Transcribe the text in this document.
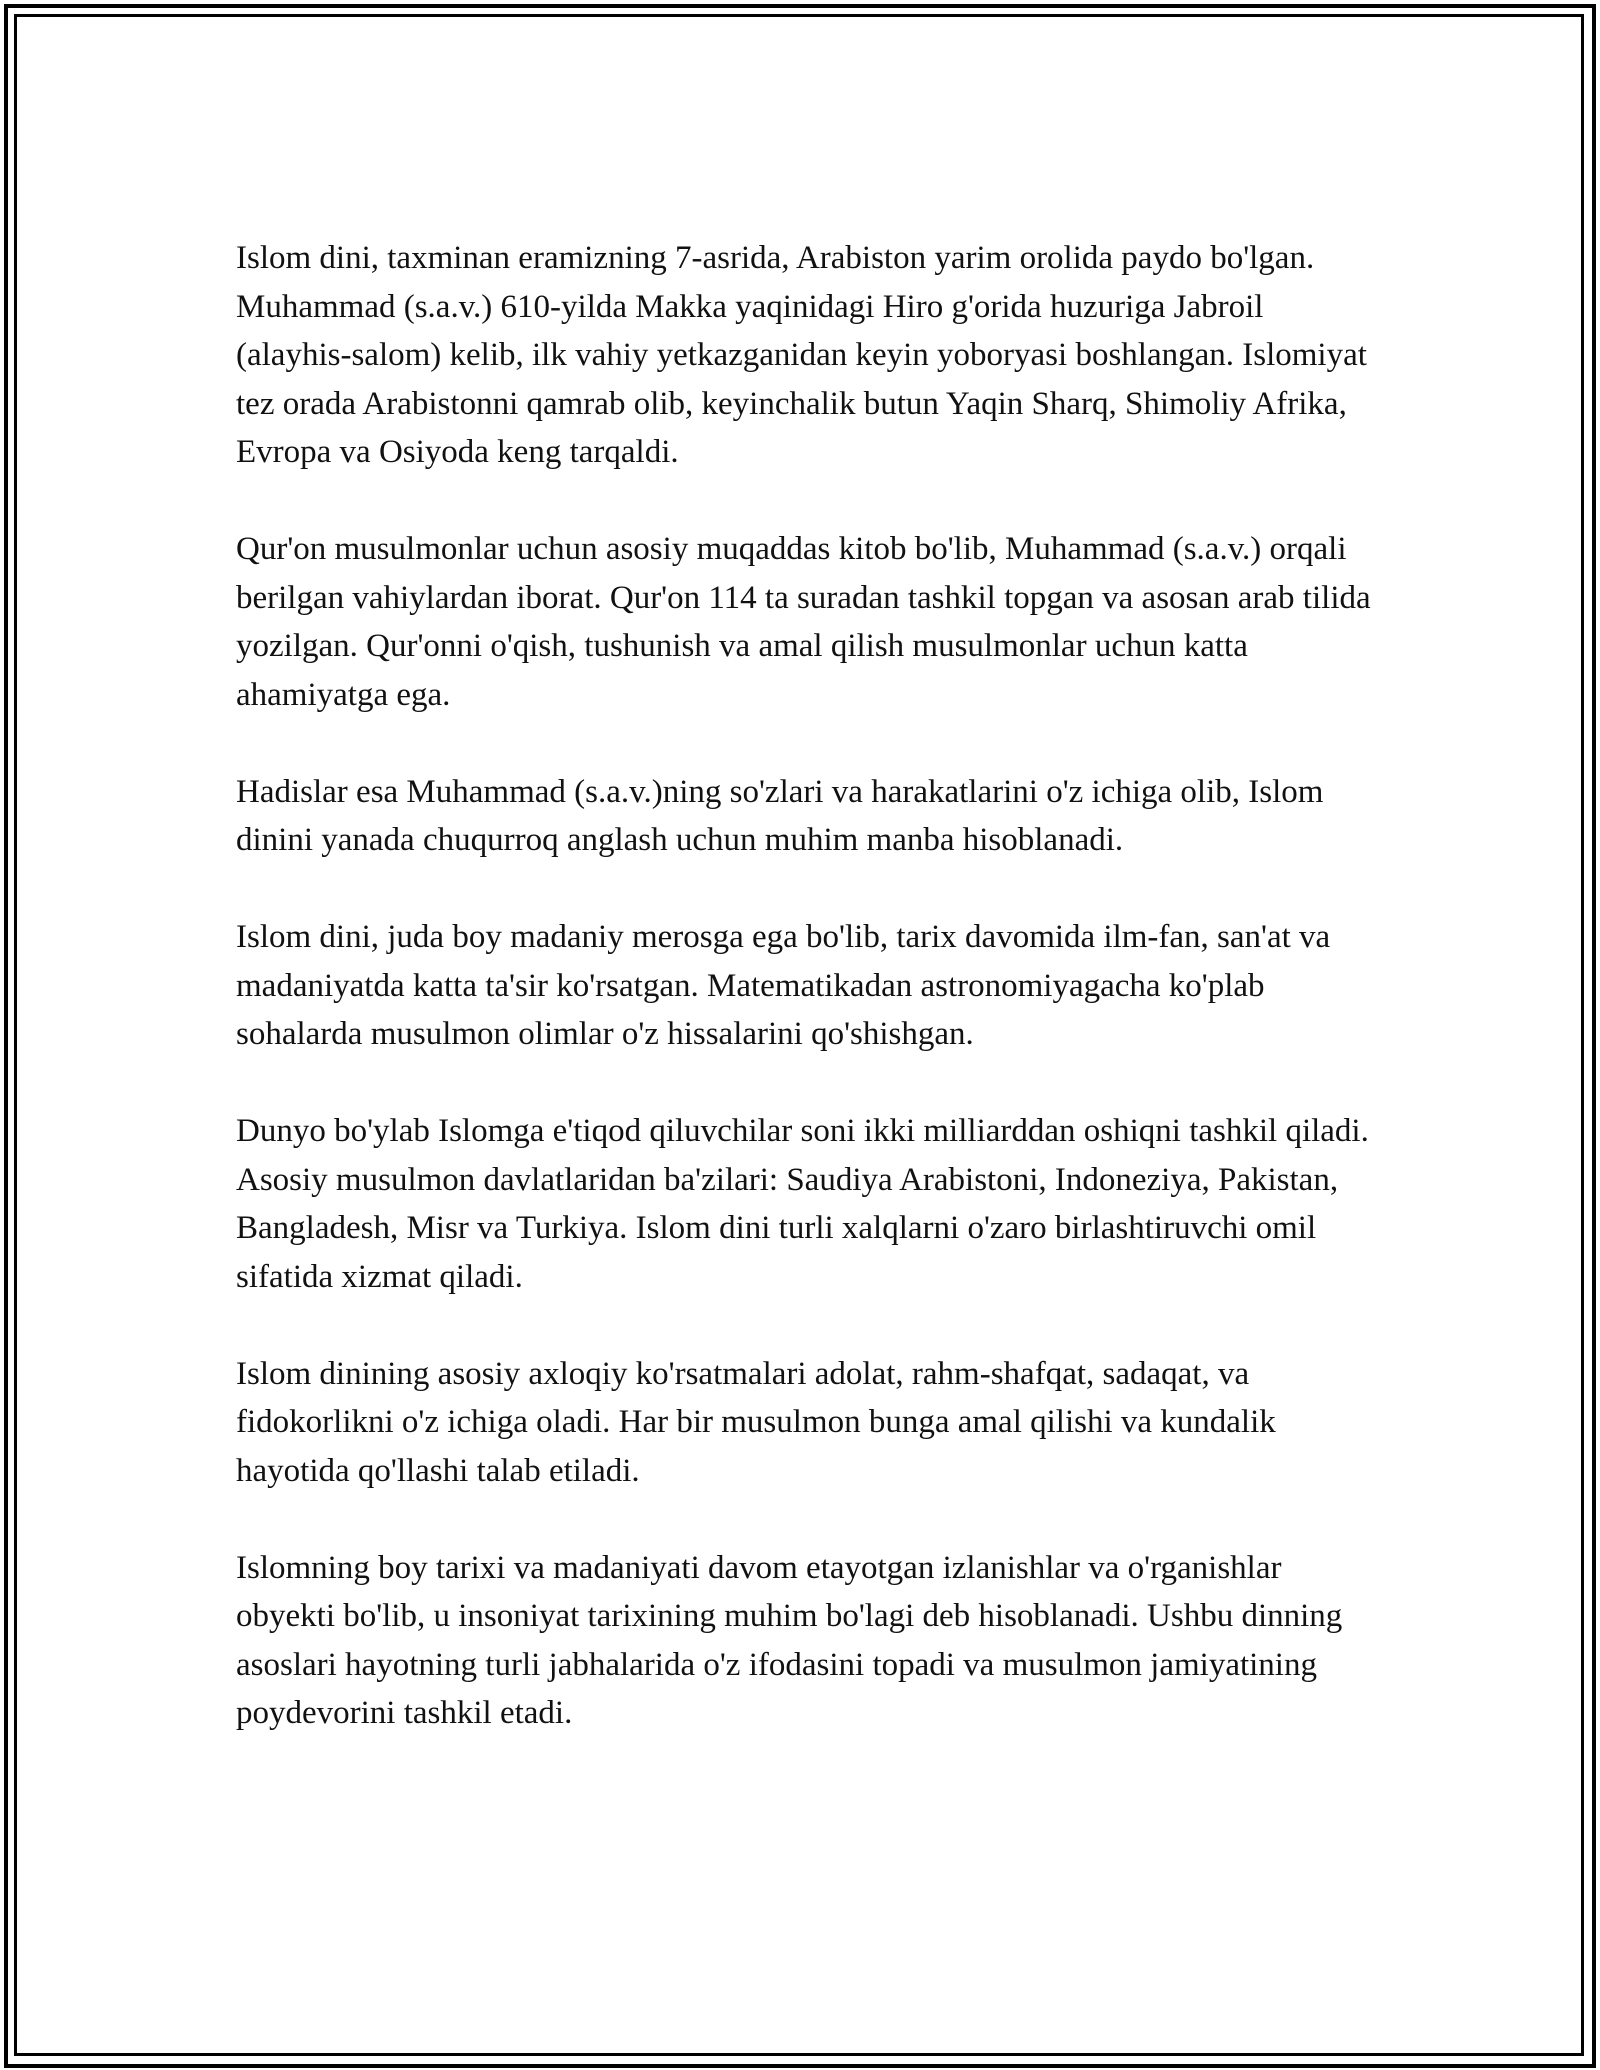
Islom dini, taxminan eramizning 7-asrida, Arabiston yarim orolida paydo bo'lgan. Muhammad (s.a.v.) 610-yilda Makka yaqinidagi Hiro g'orida huzuriga Jabroil (alayhis-salom) kelib, ilk vahiy yetkazganidan keyin yoboryasi boshlangan. Islomiyat tez orada Arabistonni qamrab olib, keyinchalik butun Yaqin Sharq, Shimoliy Afrika, Evropa va Osiyoda keng tarqaldi.

Qur'on musulmonlar uchun asosiy muqaddas kitob bo'lib, Muhammad (s.a.v.) orqali berilgan vahiylardan iborat. Qur'on 114 ta suradan tashkil topgan va asosan arab tilida yozilgan. Qur'onni o'qish, tushunish va amal qilish musulmonlar uchun katta ahamiyatga ega.

Hadislar esa Muhammad (s.a.v.)ning so'zlari va harakatlarini o'z ichiga olib, Islom dinini yanada chuqurroq anglash uchun muhim manba hisoblanadi.

Islom dini, juda boy madaniy merosga ega bo'lib, tarix davomida ilm-fan, san'at va madaniyatda katta ta'sir ko'rsatgan. Matematikadan astronomiyagacha ko'plab sohalarda musulmon olimlar o'z hissalarini qo'shishgan.

Dunyo bo'ylab Islomga e'tiqod qiluvchilar soni ikki milliarddan oshiqni tashkil qiladi. Asosiy musulmon davlatlaridan ba'zilari: Saudiya Arabistoni, Indoneziya, Pakistan, Bangladesh, Misr va Turkiya. Islom dini turli xalqlarni o'zaro birlashtiruvchi omil sifatida xizmat qiladi.

Islom dinining asosiy axloqiy ko'rsatmalari adolat, rahm-shafqat, sadaqat, va fidokorlikni o'z ichiga oladi. Har bir musulmon bunga amal qilishi va kundalik hayotida qo'llashi talab etiladi.

Islomning boy tarixi va madaniyati davom etayotgan izlanishlar va o'rganishlar obyekti bo'lib, u insoniyat tarixining muhim bo'lagi deb hisoblanadi. Ushbu dinning asoslari hayotning turli jabhalarida o'z ifodasini topadi va musulmon jamiyatining poydevorini tashkil etadi.
